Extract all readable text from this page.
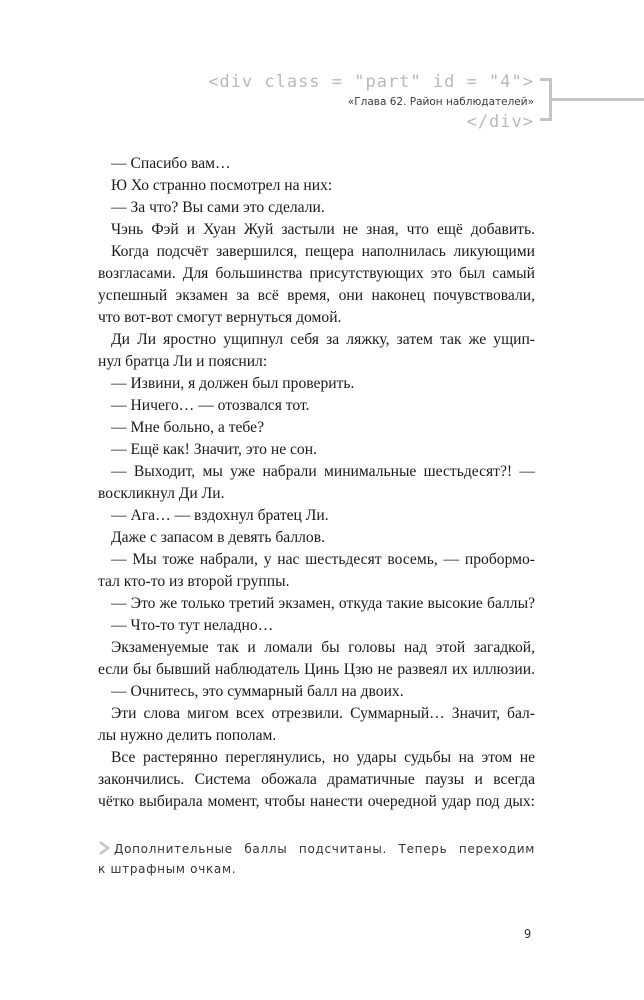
<div class = "part" id = "4">
«Глава 62. Район наблюдателей»
</div>

— Спасибо вам…

Ю Хо странно посмотрел на них:

— За что? Вы сами это сделали.

Чэнь Фэй и Хуан Жуй застыли не зная, что ещё добавить.

Когда подсчёт завершился, пещера наполнилась ликующими

возгласами. Для большинства присутствующих это был самый

успешный экзамен за всё время, они наконец почувствовали,

что вот-вот смогут вернуться домой.

Ди Ли яростно ущипнул себя за ляжку, затем так же ущип-

нул братца Ли и пояснил:

— Извини, я должен был проверить.

— Ничего… — отозвался тот.

— Мне больно, а тебе?

— Ещё как! Значит, это не сон.

— Выходит, мы уже набрали минимальные шестьдесят?! —

воскликнул Ди Ли.

— Ага… — вздохнул братец Ли.

Даже с запасом в девять баллов.

— Мы тоже набрали, у нас шестьдесят восемь, — пробормо-

тал кто-то из второй группы.

— Это же только третий экзамен, откуда такие высокие баллы?

— Что-то тут неладно…

Экзаменуемые так и ломали бы головы над этой загадкой,

если бы бывший наблюдатель Цинь Цзю не развеял их иллюзии.

— Очнитесь, это суммарный балл на двоих.

Эти слова мигом всех отрезвили. Суммарный… Значит, бал-

лы нужно делить пополам.

Все растерянно переглянулись, но удары судьбы на этом не

закончились. Система обожала драматичные паузы и всегда

чётко выбирала момент, чтобы нанести очередной удар под дых:

Дополнительные баллы подсчитаны. Теперь переходим
к штрафным очкам.
9
